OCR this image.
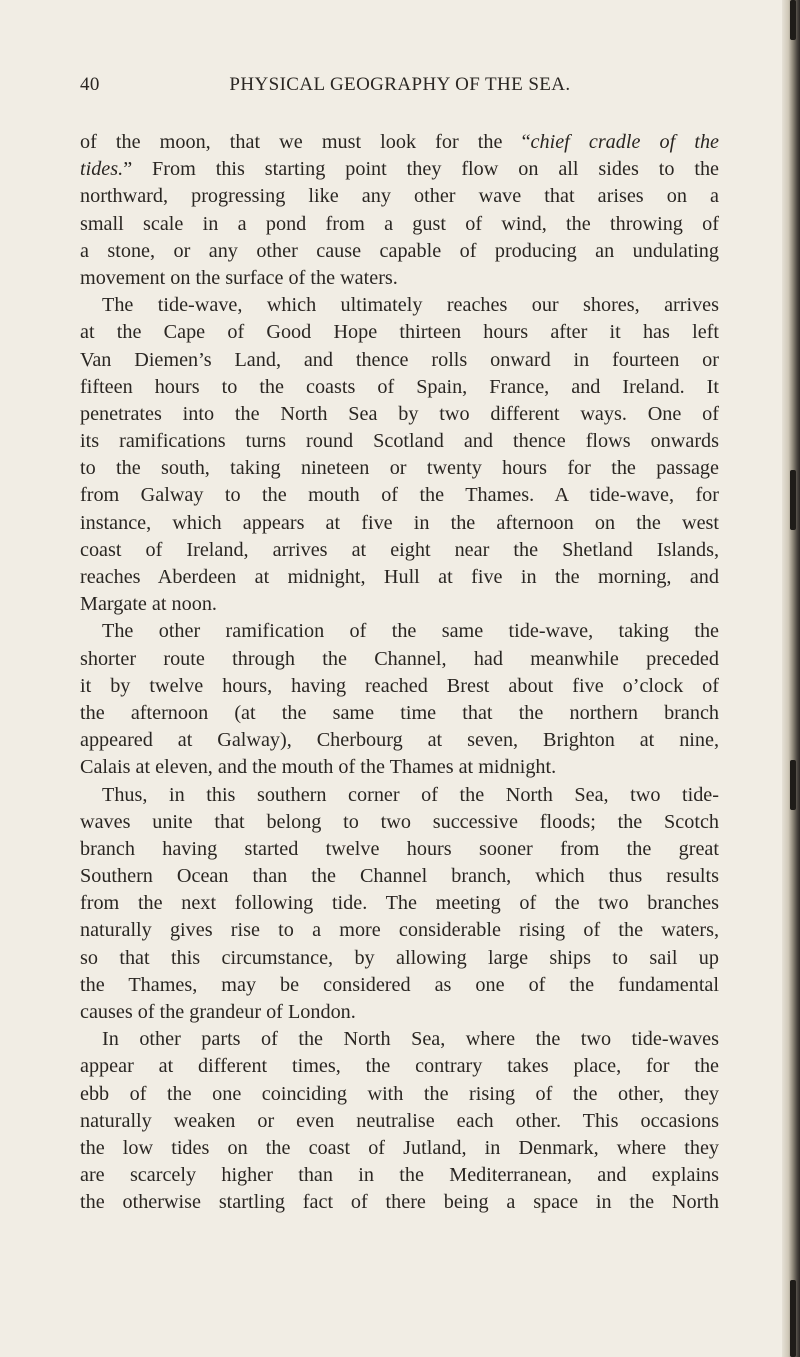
40	PHYSICAL GEOGRAPHY OF THE SEA.
of the moon, that we must look for the “chief cradle of the
tides.” From this starting point they flow on all sides to the
northward, progressing like any other wave that arises on a
small scale in a pond from a gust of wind, the throwing of
a stone, or any other cause capable of producing an undulating
movement on the surface of the waters.
The tide-wave, which ultimately reaches our shores, arrives
at the Cape of Good Hope thirteen hours after it has left
Van Diemen’s Land, and thence rolls onward in fourteen or
fifteen hours to the coasts of Spain, France, and Ireland. It
penetrates into the North Sea by two different ways. One of
its ramifications turns round Scotland and thence flows onwards
to the south, taking nineteen or twenty hours for the passage
from Galway to the mouth of the Thames. A tide-wave, for
instance, which appears at five in the afternoon on the west
coast of Ireland, arrives at eight near the Shetland Islands,
reaches Aberdeen at midnight, Hull at five in the morning, and
Margate at noon.
The other ramification of the same tide-wave, taking the
shorter route through the Channel, had meanwhile preceded
it by twelve hours, having reached Brest about five o’clock of
the afternoon (at the same time that the northern branch
appeared at Galway), Cherbourg at seven, Brighton at nine,
Calais at eleven, and the mouth of the Thames at midnight.
Thus, in this southern corner of the North Sea, two tide-
waves unite that belong to two successive floods; the Scotch
branch having started twelve hours sooner from the great
Southern Ocean than the Channel branch, which thus results
from the next following tide. The meeting of the two branches
naturally gives rise to a more considerable rising of the waters,
so that this circumstance, by allowing large ships to sail up
the Thames, may be considered as one of the fundamental
causes of the grandeur of London.
In other parts of the North Sea, where the two tide-waves
appear at different times, the contrary takes place, for the
ebb of the one coinciding with the rising of the other, they
naturally weaken or even neutralise each other. This occasions
the low tides on the coast of Jutland, in Denmark, where they
are scarcely higher than in the Mediterranean, and explains
the otherwise startling fact of there being a space in the North
